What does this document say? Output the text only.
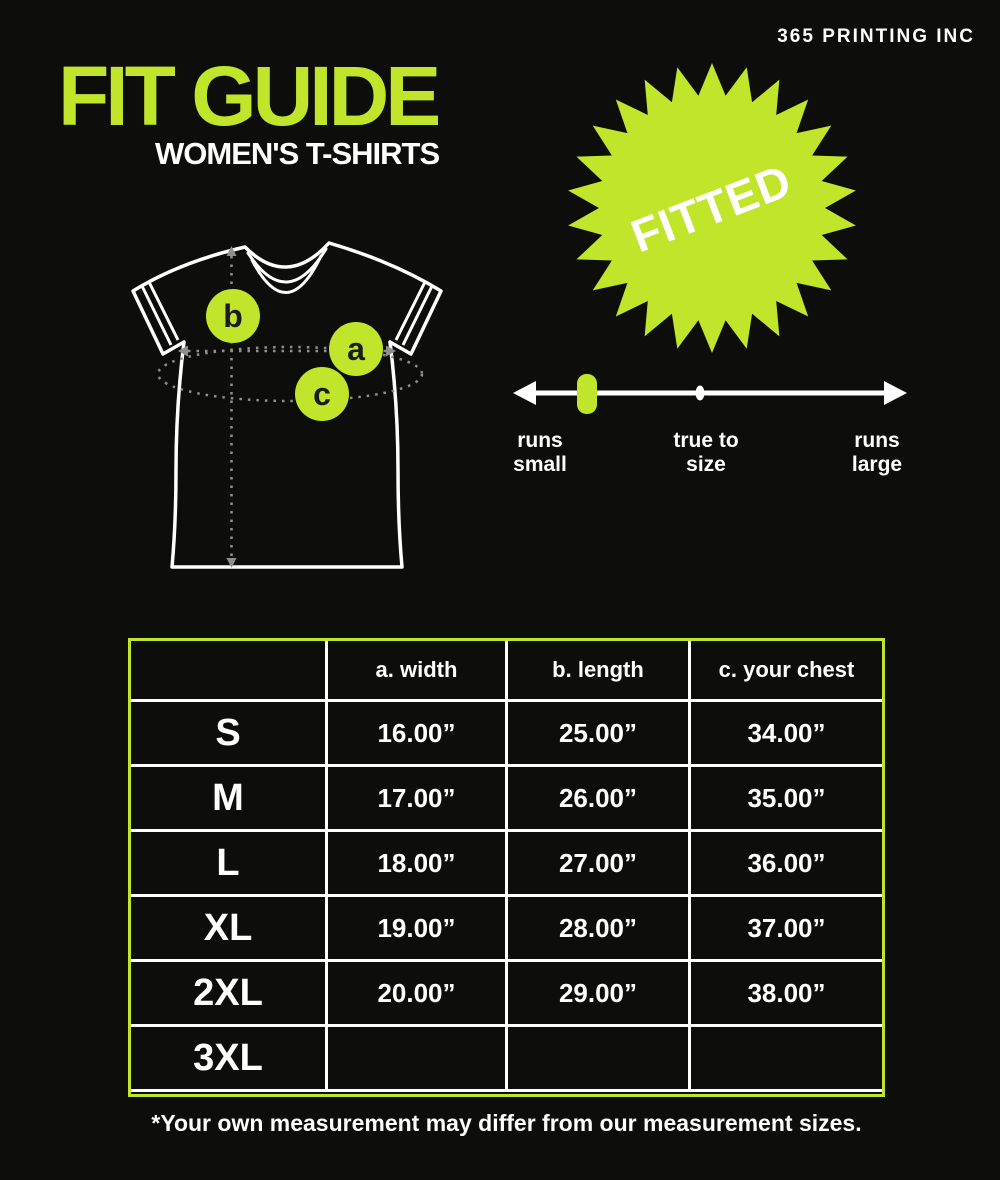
365 PRINTING INC
FIT GUIDE
WOMEN'S T-SHIRTS
b
a
c
FITTED
runs
small
true to
size
runs
large
	a. width	b. length	c. your chest
S	16.00”	25.00”	34.00”
M	17.00”	26.00”	35.00”
L	18.00”	27.00”	36.00”
XL	19.00”	28.00”	37.00”
2XL	20.00”	29.00”	38.00”
3XL			
*Your own measurement may differ from our measurement sizes.
